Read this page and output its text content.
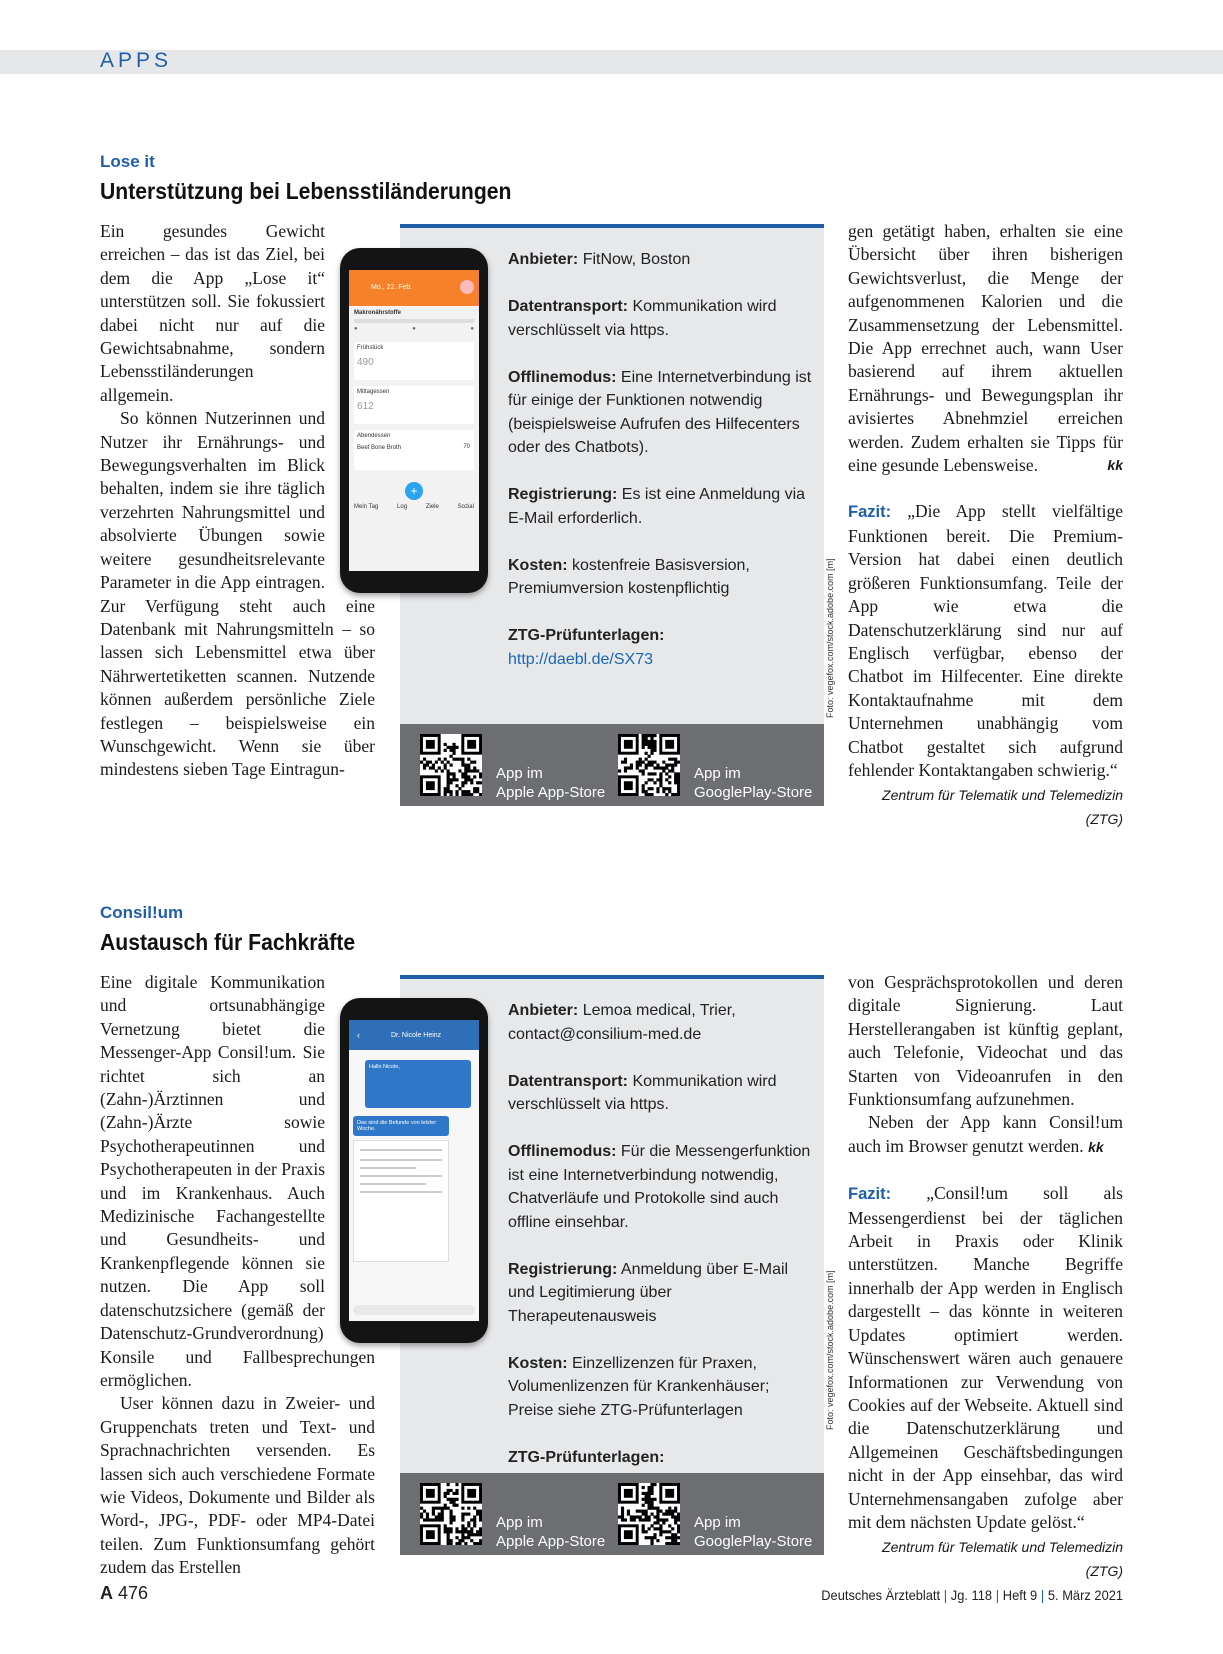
APPS
Lose it
Unterstützung bei Lebensstiländerungen

Ein gesundes Gewicht erreichen – das ist das Ziel, bei dem die App „Lose it“ unterstützen soll. Sie fokussiert dabei nicht nur auf die Gewichtsabnahme, sondern Lebensstiländerungen allgemein.

So können Nutzerinnen und Nutzer ihr Ernährungs- und Bewegungsverhalten im Blick behalten, indem sie ihre täglich verzehrten Nahrungsmittel und absolvierte Übungen sowie weitere gesundheitsrelevante Parameter in die App eintragen. Zur Verfügung steht auch eine Datenbank mit Nahrungsmitteln – so lassen sich Lebensmittel etwa über Nährwertetiketten scannen. Nutzende können außerdem persönliche Ziele festlegen – beispielsweise ein Wunschgewicht. Wenn sie über mindestens sieben Tage Eintragun-

Anbieter: FitNow, Boston
Datentransport: Kommunikation wird verschlüsselt via https.
Offlinemodus: Eine Internetverbindung ist für einige der Funktionen notwendig (beispielsweise Aufrufen des Hilfecenters oder des Chatbots).
Registrierung: Es ist eine Anmeldung via E-Mail erforderlich.
Kosten: kostenfreie Basisversion, Premiumversion kostenpflichtig
ZTG-Prüfunterlagen: http://daebl.de/SX73
App im
Apple App-Store
App im
GooglePlay-Store
Mo., 22. Feb.
Makronährstoffe
●	●	●
Frühstück
490
Mittagessen
612
Abendessen
Beef Bone Broth	70
+
Mein Tag	Log	Ziele	Sozial
Foto: vegefox.com/stock.adobe.com [m]

gen getätigt haben, erhalten sie eine Übersicht über ihren bisherigen Gewichtsverlust, die Menge der aufgenommenen Kalorien und die Zusammensetzung der Lebensmittel. Die App errechnet auch, wann User basierend auf ihrem aktuellen Ernährungs- und Bewegungsplan ihr avisiertes Abnehmziel erreichen werden. Zudem erhalten sie Tipps für eine gesunde Lebensweise.	kk

Fazit: „Die App stellt vielfältige Funktionen bereit. Die Premium-Version hat dabei einen deutlich größeren Funktionsumfang. Teile der App wie etwa die Datenschutzerklärung sind nur auf Englisch verfügbar, ebenso der Chatbot im Hilfecenter. Eine direkte Kontaktaufnahme mit dem Unternehmen unabhängig vom Chatbot gestaltet sich aufgrund fehlender Kontaktangaben schwierig.“

Zentrum für Telematik und Telemedizin (ZTG)
Consil!um
Austausch für Fachkräfte

Eine digitale Kommunikation und ortsunabhängige Vernetzung bietet die Messenger-App Consil!um. Sie richtet sich an (Zahn-)Ärztinnen und (Zahn-)Ärzte sowie Psychotherapeutinnen und Psychotherapeuten in der Praxis und im Krankenhaus. Auch Medizinische Fachangestellte und Gesundheits- und Krankenpflegende können sie nutzen. Die App soll datenschutzsichere (gemäß der Datenschutz-Grundverordnung) Konsile und Fallbesprechungen ermöglichen.

User können dazu in Zweier- und Gruppenchats treten und Text- und Sprachnachrichten versenden. Es lassen sich auch verschiedene Formate wie Videos, Dokumente und Bilder als Word-, JPG-, PDF- oder MP4-Datei teilen. Zum Funktionsumfang gehört zudem das Erstellen

Anbieter: Lemoa medical, Trier, contact@consilium-med.de
Datentransport: Kommunikation wird verschlüsselt via https.
Offlinemodus: Für die Messengerfunktion ist eine Internetverbindung notwendig, Chatverläufe und Protokolle sind auch offline einsehbar.
Registrierung: Anmeldung über E-Mail und Legitimierung über Therapeutenausweis
Kosten: Einzellizenzen für Praxen, Volumenlizenzen für Krankenhäuser; Preise siehe ZTG-Prüfunterlagen
ZTG-Prüfunterlagen:
App im
Apple App-Store
App im
GooglePlay-Store
‹	Dr. Nicole Heinz
Hallo Nicole,
Das sind die Befunde von letzter Woche.
Foto: vegefox.com/stock.adobe.com [m]

von Gesprächsprotokollen und deren digitale Signierung. Laut Herstellerangaben ist künftig geplant, auch Telefonie, Videochat und das Starten von Videoanrufen in den Funktionsumfang aufzunehmen.

Neben der App kann Consil!um auch im Browser genutzt werden. kk

Fazit: „Consil!um soll als Messengerdienst bei der täglichen Arbeit in Praxis oder Klinik unterstützen. Manche Begriffe innerhalb der App werden in Englisch dargestellt – das könnte in weiteren Updates optimiert werden. Wünschenswert wären auch genauere Informationen zur Verwendung von Cookies auf der Webseite. Aktuell sind die Datenschutzerklärung und Allgemeinen Geschäftsbedingungen nicht in der App einsehbar, das wird Unternehmensangaben zufolge aber mit dem nächsten Update gelöst.“

Zentrum für Telematik und Telemedizin (ZTG)
A 476	Deutsches Ärzteblatt | Jg. 118 | Heft 9 | 5. März 2021
